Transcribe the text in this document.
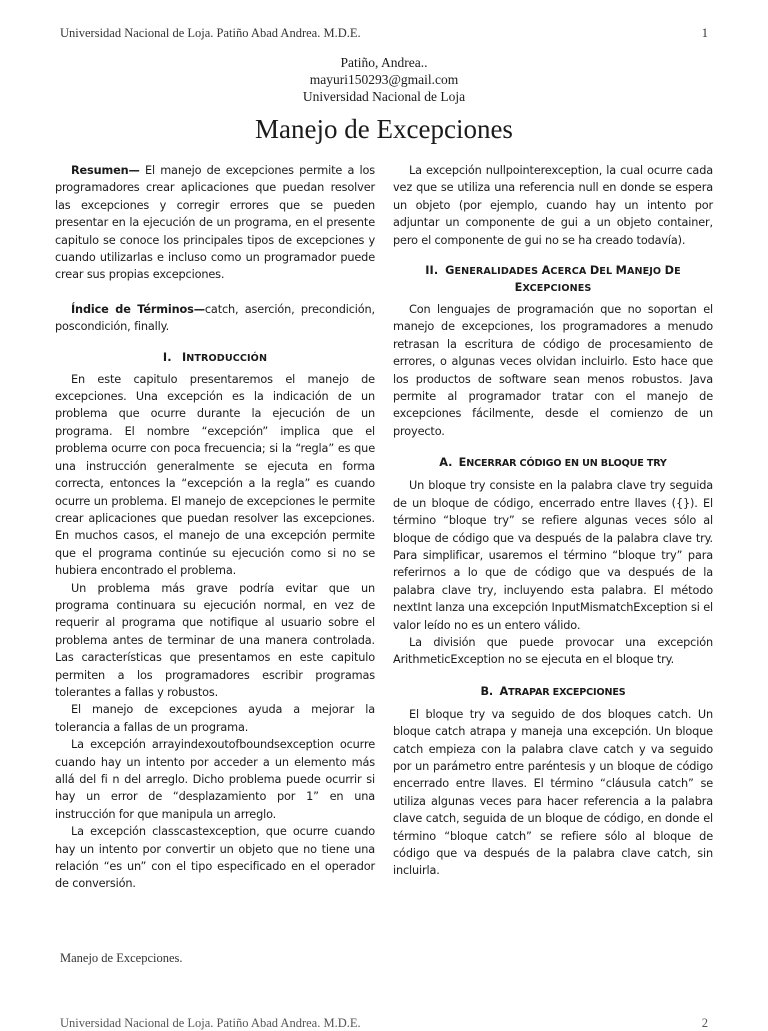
Universidad Nacional de Loja. Patiño Abad Andrea. M.D.E.	1
Patiño, Andrea..
mayuri150293@gmail.com
Universidad Nacional de Loja
Manejo de Excepciones

Resumen— El manejo de excepciones permite a los programadores crear aplicaciones que puedan resolver las excepciones y corregir errores que se pueden presentar en la ejecución de un programa, en el presente capitulo se conoce los principales tipos de excepciones y cuando utilizarlas e incluso como un programador puede crear sus propias excepciones.

Índice de Términos—catch, aserción, precondición, poscondición, finally.

I. INTRODUCCIÓN

En este capitulo presentaremos el manejo de excepciones. Una excepción es la indicación de un problema que ocurre durante la ejecución de un programa. El nombre “excepción” implica que el problema ocurre con poca frecuencia; si la “regla” es que una instrucción generalmente se ejecuta en forma correcta, entonces la “excepción a la regla” es cuando ocurre un problema. El manejo de excepciones le permite crear aplicaciones que puedan resolver las excepciones. En muchos casos, el manejo de una excepción permite que el programa continúe su ejecución como si no se hubiera encontrado el problema.

Un problema más grave podría evitar que un programa continuara su ejecución normal, en vez de requerir al programa que notifique al usuario sobre el problema antes de terminar de una manera controlada. Las características que presentamos en este capitulo permiten a los programadores escribir programas tolerantes a fallas y robustos.

El manejo de excepciones ayuda a mejorar la tolerancia a fallas de un programa.

La excepción arrayindexoutofboundsexception ocurre cuando hay un intento por acceder a un elemento más allá del fi n del arreglo. Dicho problema puede ocurrir si hay un error de “desplazamiento por 1” en una instrucción for que manipula un arreglo.

La excepción classcastexception, que ocurre cuando hay un intento por convertir un objeto que no tiene una relación “es un” con el tipo especificado en el operador de conversión.

La excepción nullpointerexception, la cual ocurre cada vez que se utiliza una referencia null en donde se espera un objeto (por ejemplo, cuando hay un intento por adjuntar un componente de gui a un objeto container, pero el componente de gui no se ha creado todavía).

II. GENERALIDADES ACERCA DEL MANEJO DE
EXCEPCIONES

Con lenguajes de programación que no soportan el manejo de excepciones, los programadores a menudo retrasan la escritura de código de procesamiento de errores, o algunas veces olvidan incluirlo. Esto hace que los productos de software sean menos robustos. Java permite al programador tratar con el manejo de excepciones fácilmente, desde el comienzo de un proyecto.

A. ENCERRAR CÓDIGO EN UN BLOQUE TRY

Un bloque try consiste en la palabra clave try seguida de un bloque de código, encerrado entre llaves ({}). El término “bloque try” se refiere algunas veces sólo al bloque de código que va después de la palabra clave try. Para simplificar, usaremos el término “bloque try” para referirnos a lo que de código que va después de la palabra clave try, incluyendo esta palabra. El método nextInt lanza una excepción InputMismatchException si el valor leído no es un entero válido.

La división que puede provocar una excepción ArithmeticException no se ejecuta en el bloque try.

B. ATRAPAR EXCEPCIONES

El bloque try va seguido de dos bloques catch. Un bloque catch atrapa y maneja una excepción. Un bloque catch empieza con la palabra clave catch y va seguido por un parámetro entre paréntesis y un bloque de código encerrado entre llaves. El término “cláusula catch” se utiliza algunas veces para hacer referencia a la palabra clave catch, seguida de un bloque de código, en donde el término “bloque catch” se refiere sólo al bloque de código que va después de la palabra clave catch, sin incluirla.

Manejo de Excepciones.
Universidad Nacional de Loja. Patiño Abad Andrea. M.D.E.	2
